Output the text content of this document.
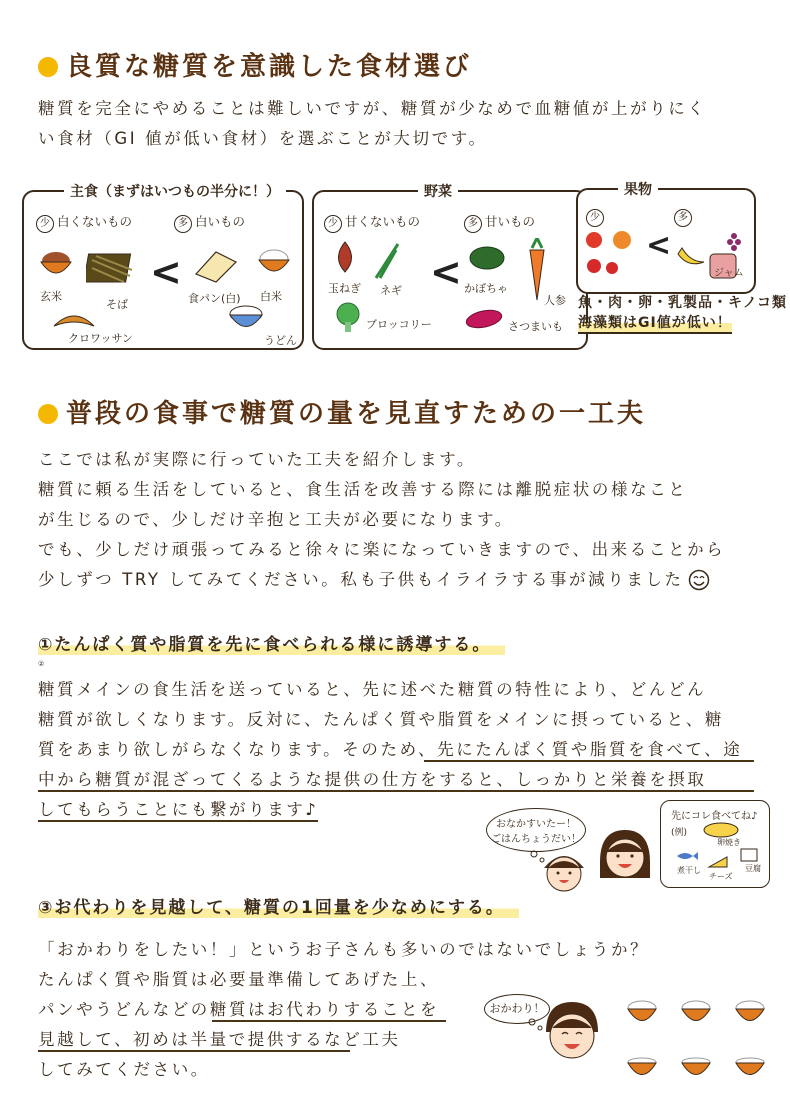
良質な糖質を意識した食材選び
糖質を完全にやめることは難しいですが、糖質が少なめで血糖値が上がりにく
い食材（GI 値が低い食材）を選ぶことが大切です。
主食（まずはいつもの半分に！）
少 白くないもの	多 白いもの
玄米
そば
クロワッサン
<
食パン(白) 白米
うどん
野菜
少 甘くないもの	多 甘いもの
玉ねぎ ネギ
ブロッコリー
< かぼちゃ
人参
さつまいも
果物
少	多
<
ジャム
魚・肉・卵・乳製品・キノコ類
海藻類はGI値が低い！
普段の食事で糖質の量を見直すための一工夫
ここでは私が実際に行っていた工夫を紹介します。
糖質に頼る生活をしていると、食生活を改善する際には離脱症状の様なこと
が生じるので、少しだけ辛抱と工夫が必要になります。
でも、少しだけ頑張ってみると徐々に楽になっていきますので、出来ることから
少しずつ TRY してみてください。私も子供もイライラする事が減りました
①たんぱく質や脂質を先に食べられる様に誘導する。
②
糖質メインの食生活を送っていると、先に述べた糖質の特性により、どんどん
糖質が欲しくなります。反対に、たんぱく質や脂質をメインに摂っていると、糖
質をあまり欲しがらなくなります。そのため、先にたんぱく質や脂質を食べて、途
中から糖質が混ざってくるような提供の仕方をすると、しっかりと栄養を摂取
してもらうことにも繋がります♪
おなかすいたー！
ごはんちょうだい！
先にコレ食べてね♪
(例)
卵焼き
煮干し
チーズ
豆腐
③お代わりを見越して、糖質の1回量を少なめにする。
「おかわりをしたい！」というお子さんも多いのではないでしょうか？
たんぱく質や脂質は必要量準備してあげた上、
パンやうどんなどの糖質はお代わりすることを
見越して、初めは半量で提供するなど工夫
してみてください。
おかわり！
